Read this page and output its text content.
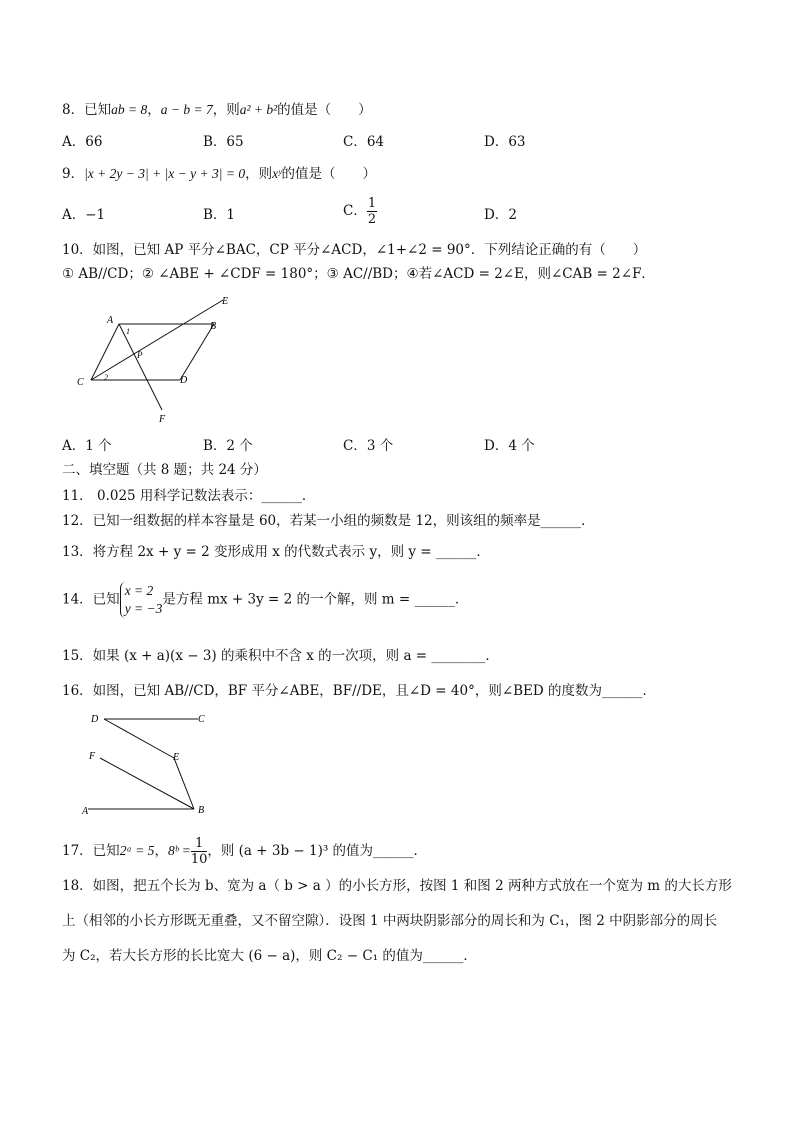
8．已知ab = 8，a − b = 7，则a² + b²的值是（　　）
A．66	B．65	C．64	D．63
9．|x + 2y − 3| + |x − y + 3| = 0，则xʸ的值是（　　）
A．−1	B．1	C． $\frac{1}{2}$	D．2
10．如图，已知 AP 平分∠BAC，CP 平分∠ACD，∠1+∠2 = 90°．下列结论正确的有（　　）
① AB//CD；② ∠ABE + ∠CDF = 180°；③ AC//BD；④若∠ACD = 2∠E，则∠CAB = 2∠F．
A
B
C	D
E
F
P
1
2
A．1 个	B．2 个	C．3 个	D．4 个
二、填空题（共 8 题；共 24 分）
11． 0.025 用科学记数法表示：______．
12．已知一组数据的样本容量是 60，若某一小组的频数是 12，则该组的频率是______．
13．将方程 2x + y = 2 变形成用 x 的代数式表示 y，则 y = ______．
14．已知
x = 2
y = −3
是方程 mx + 3y = 2 的一个解，则 m = ______．
15．如果 (x + a)(x − 3) 的乘积中不含 x 的一次项，则 a = ________．
16．如图，已知 AB//CD，BF 平分∠ABE，BF//DE，且∠D = 40°，则∠BED 的度数为______．
D	C
F	E
A	B
17．已知2ᵃ = 5，8ᵇ = $\frac{1}{10}$ ，则 (a + 3b − 1)³ 的值为______．
18．如图，把五个长为 b、宽为 a（ b > a ）的小长方形，按图 1 和图 2 两种方式放在一个宽为 m 的大长方形
上（相邻的小长方形既无重叠，又不留空隙）．设图 1 中两块阴影部分的周长和为 C₁，图 2 中阴影部分的周长
为 C₂，若大长方形的长比宽大 (6 − a)，则 C₂ − C₁ 的值为______．
